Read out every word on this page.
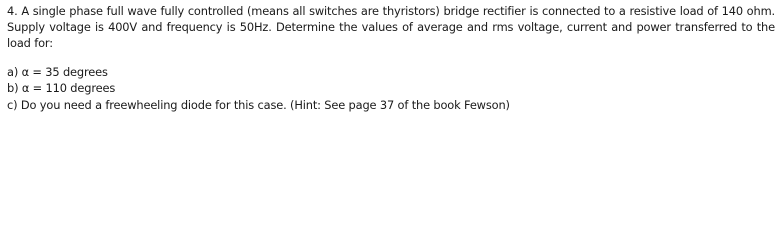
4. A single phase full wave fully controlled (means all switches are thyristors) bridge rectifier is connected to a resistive load of 140 ohm. Supply voltage is 400V and frequency is 50Hz. Determine the values of average and rms voltage, current and power transferred to the load for:

a) α = 35 degrees

b) α = 110 degrees

c) Do you need a freewheeling diode for this case. (Hint: See page 37 of the book Fewson)
